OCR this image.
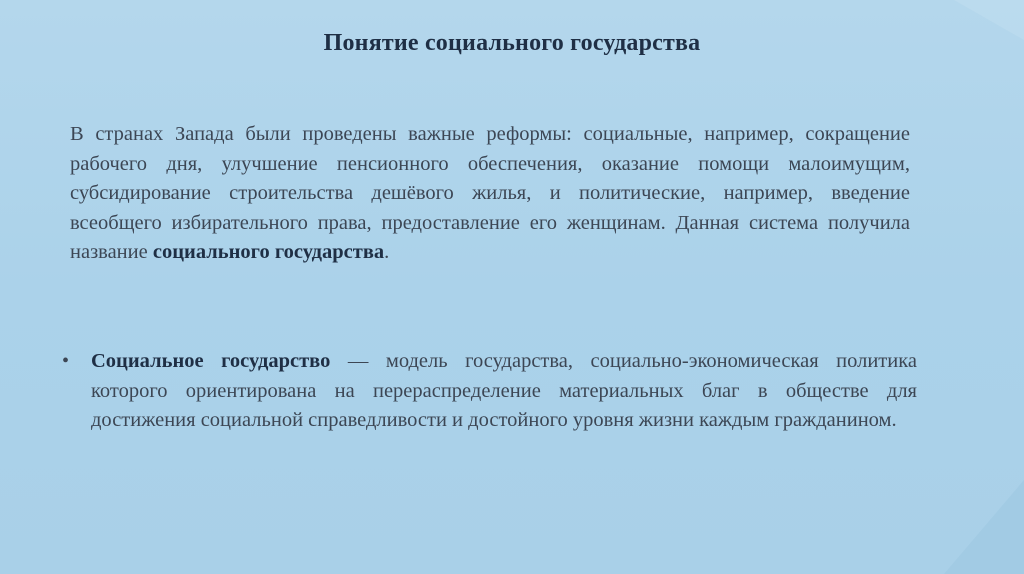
Понятие социального государства
В странах Запада были проведены важные реформы: социальные, например, сокращение рабочего дня, улучшение пенсионного обеспечения, оказание помощи малоимущим, субсидирование строительства дешёвого жилья, и политические, например, введение всеобщего избирательного права, предоставление его женщинам. Данная система получила название социального государства.
• Социальное государство — модель государства, социально-экономическая политика которого ориентирована на перераспределение материальных благ в обществе для достижения социальной справедливости и достойного уровня жизни каждым гражданином.
